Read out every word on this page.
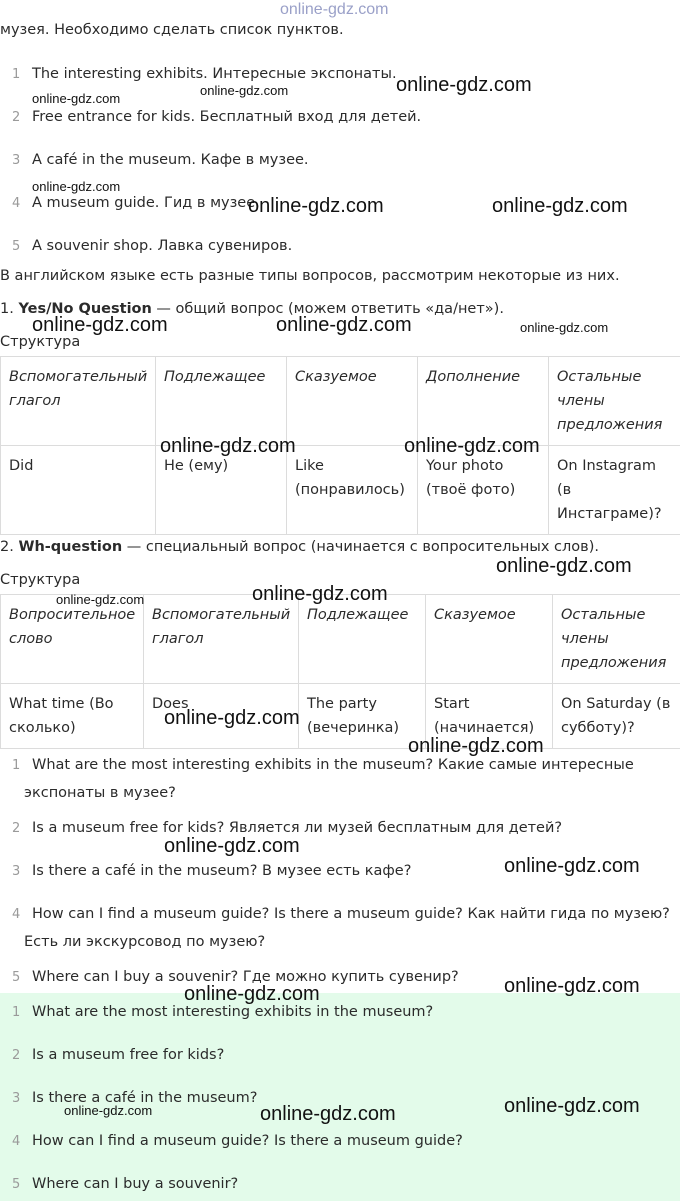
online-gdz.com
музея. Необходимо сделать список пунктов.
1 The interesting exhibits. Интересные экспонаты.
2 Free entrance for kids. Бесплатный вход для детей.
3 A café in the museum. Кафе в музее.
4 A museum guide. Гид в музее.
5 A souvenir shop. Лавка сувениров.
В английском языке есть разные типы вопросов, рассмотрим некоторые из них.
1. Yes/No Question — общий вопрос (можем ответить «да/нет»).
Структура
Вспомогательный глагол	Подлежащее	Сказуемое	Дополнение	Остальные члены предложения
Did	He (ему)	Like (понравилось)	Your photo (твоё фото)	On Instagram (в Инстаграме)?
2. Wh-question — специальный вопрос (начинается с вопросительных слов).
Структура
Вопросительное слово	Вспомогательный глагол	Подлежащее	Сказуемое	Остальные члены предложения
What time (Во сколько)	Does	The party (вечеринка)	Start (начинается)	On Saturday (в субботу)?
1 What are the most interesting exhibits in the museum? Какие самые интересные
экспонаты в музее?
2 Is a museum free for kids? Является ли музей бесплатным для детей?
3 Is there a café in the museum? В музее есть кафе?
4 How can I find a museum guide? Is there a museum guide? Как найти гида по музею?
Есть ли экскурсовод по музею?
5 Where can I buy a souvenir? Где можно купить сувенир?
1 What are the most interesting exhibits in the museum?
2 Is a museum free for kids?
3 Is there a café in the museum?
4 How can I find a museum guide? Is there a museum guide?
5 Where can I buy a souvenir?
online-gdz.com	online-gdz.com
online-gdz.com
online-gdz.com
online-gdz.com	online-gdz.com
online-gdz.com	online-gdz.com	online-gdz.com
online-gdz.com	online-gdz.com
online-gdz.com
online-gdz.com
online-gdz.com
online-gdz.com
online-gdz.com
online-gdz.com
online-gdz.com
online-gdz.com	online-gdz.com
online-gdz.com	online-gdz.com	online-gdz.com
